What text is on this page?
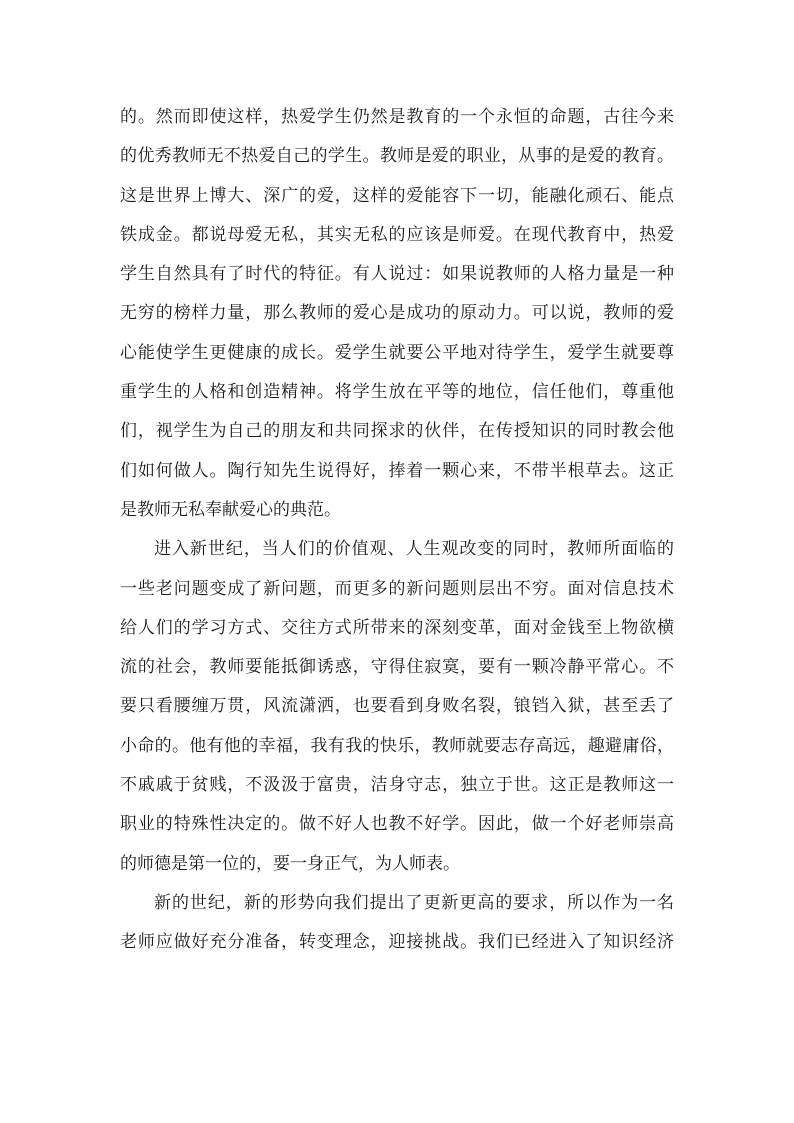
的。然而即使这样，热爱学生仍然是教育的一个永恒的命题，古往今来
的优秀教师无不热爱自己的学生。教师是爱的职业，从事的是爱的教育。
这是世界上博大、深广的爱，这样的爱能容下一切，能融化顽石、能点
铁成金。都说母爱无私，其实无私的应该是师爱。在现代教育中，热爱
学生自然具有了时代的特征。有人说过：如果说教师的人格力量是一种
无穷的榜样力量，那么教师的爱心是成功的原动力。可以说，教师的爱
心能使学生更健康的成长。爱学生就要公平地对待学生，爱学生就要尊
重学生的人格和创造精神。将学生放在平等的地位，信任他们，尊重他
们，视学生为自己的朋友和共同探求的伙伴，在传授知识的同时教会他
们如何做人。陶行知先生说得好，捧着一颗心来，不带半根草去。这正
是教师无私奉献爱心的典范。
进入新世纪，当人们的价值观、人生观改变的同时，教师所面临的
一些老问题变成了新问题，而更多的新问题则层出不穷。面对信息技术
给人们的学习方式、交往方式所带来的深刻变革，面对金钱至上物欲横
流的社会，教师要能抵御诱惑，守得住寂寞，要有一颗冷静平常心。不
要只看腰缠万贯，风流潇洒，也要看到身败名裂，锒铛入狱，甚至丢了
小命的。他有他的幸福，我有我的快乐，教师就要志存高远，趣避庸俗，
不戚戚于贫贱，不汲汲于富贵，洁身守志，独立于世。这正是教师这一
职业的特殊性决定的。做不好人也教不好学。因此，做一个好老师崇高
的师德是第一位的，要一身正气，为人师表。
新的世纪，新的形势向我们提出了更新更高的要求，所以作为一名
老师应做好充分准备，转变理念，迎接挑战。我们已经进入了知识经济
